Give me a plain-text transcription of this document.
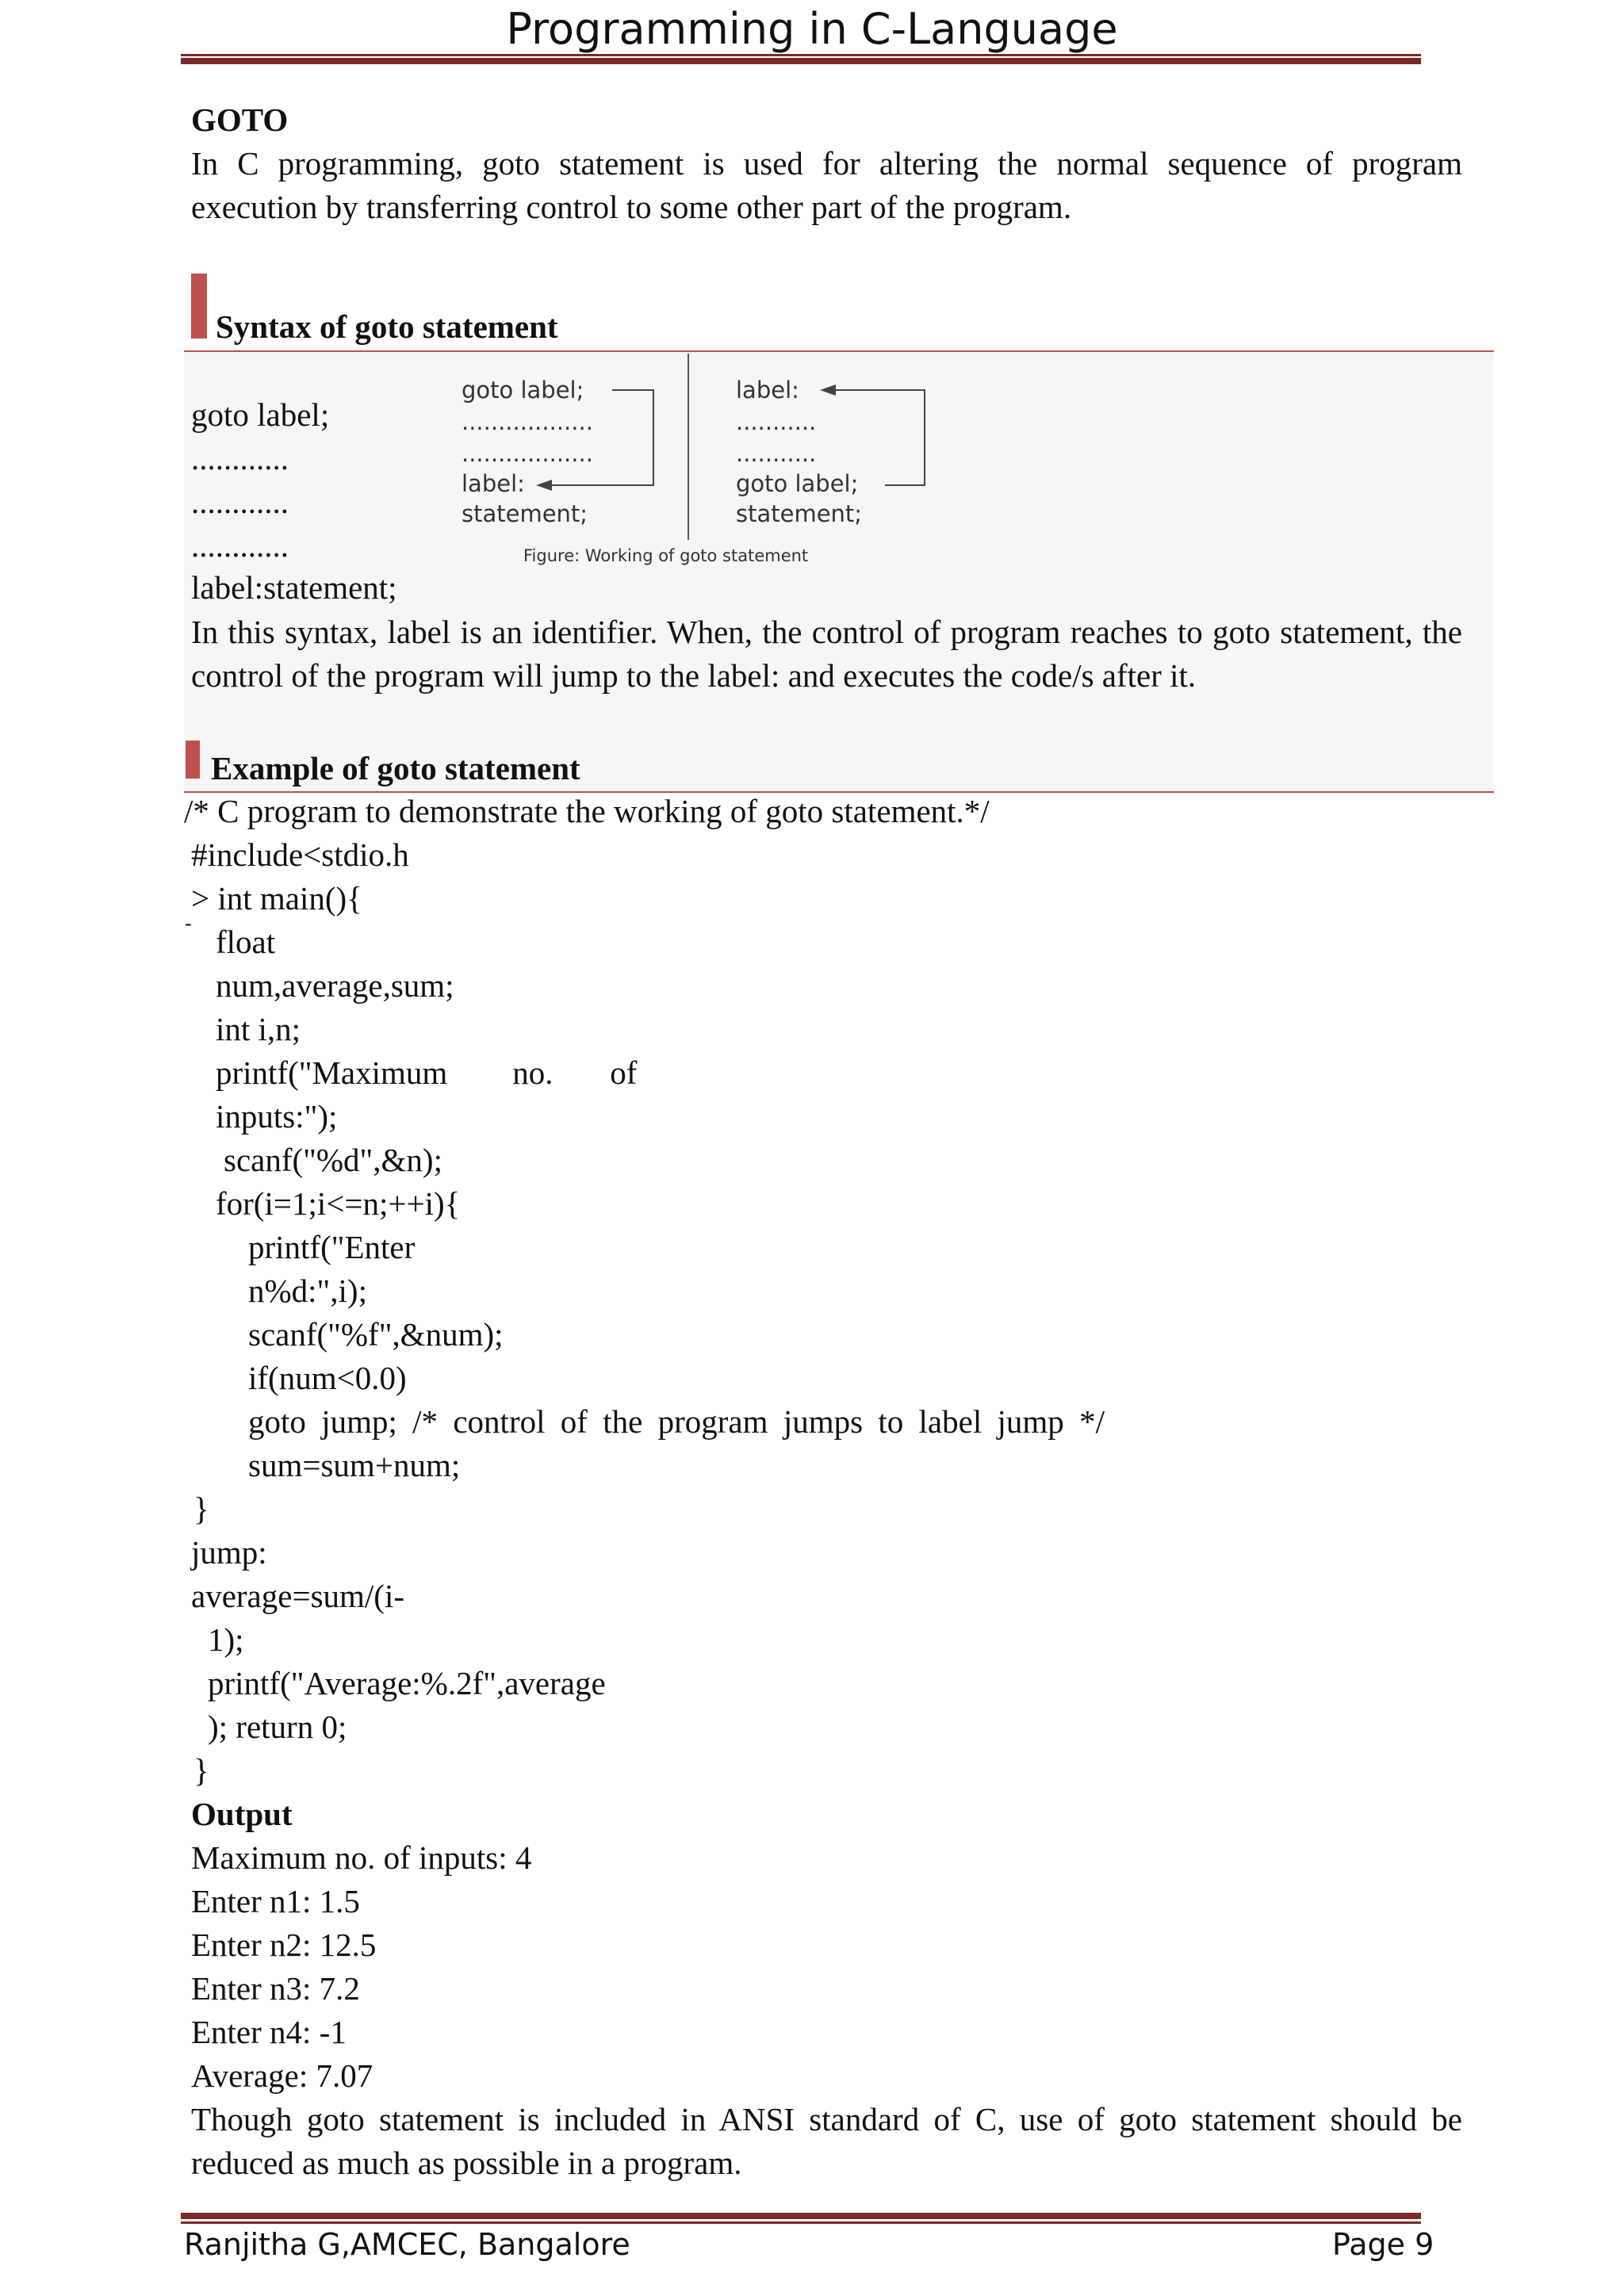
Programming in C-Language
GOTO
In C programming, goto statement is used for altering the normal sequence of program
execution by transferring control to some other part of the program.
Syntax of goto statement
goto label;
............
............
............
label:statement;
goto label;
..................
..................
label:
statement;
label:
...........
...........
goto label;
statement;
Figure: Working of goto statement
In this syntax, label is an identifier. When, the control of program reaches to goto statement, the
control of the program will jump to the label: and executes the code/s after it.
Example of goto statement
/* C program to demonstrate the working of goto statement.*/
#include<stdio.h
> int main(){
-
float
num,average,sum;
int i,n;
printf("Maximum        no.       of
inputs:");
scanf("%d",&n);
for(i=1;i<=n;++i){
printf("Enter
n%d:",i);
scanf("%f",&num);
if(num<0.0)
goto jump; /* control of the program jumps to label jump */
sum=sum+num;
}
jump:
average=sum/(i-
1);
printf("Average:%.2f",average
); return 0;
}
Output
Maximum no. of inputs: 4
Enter n1: 1.5
Enter n2: 12.5
Enter n3: 7.2
Enter n4: -1
Average: 7.07
Though goto statement is included in ANSI standard of C, use of goto statement should be
reduced as much as possible in a program.
Ranjitha G,AMCEC, Bangalore	Page 9
